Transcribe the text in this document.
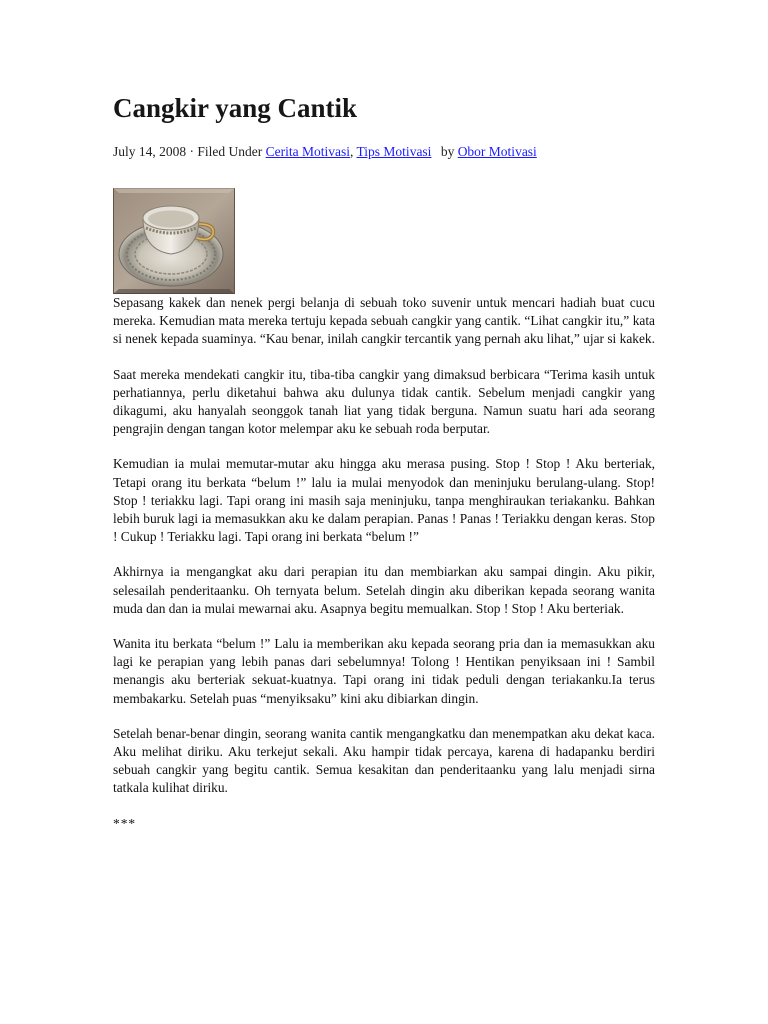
Cangkir yang Cantik
July 14, 2008 · Filed Under Cerita Motivasi, Tips Motivasi by Obor Motivasi

Sepasang kakek dan nenek pergi belanja di sebuah toko suvenir untuk mencari hadiah buat cucu mereka. Kemudian mata mereka tertuju kepada sebuah cangkir yang cantik. “Lihat cangkir itu,” kata si nenek kepada suaminya. “Kau benar, inilah cangkir tercantik yang pernah aku lihat,” ujar si kakek.

Saat mereka mendekati cangkir itu, tiba-tiba cangkir yang dimaksud berbicara “Terima kasih untuk perhatiannya, perlu diketahui bahwa aku dulunya tidak cantik. Sebelum menjadi cangkir yang dikagumi, aku hanyalah seonggok tanah liat yang tidak berguna. Namun suatu hari ada seorang pengrajin dengan tangan kotor melempar aku ke sebuah roda berputar.

Kemudian ia mulai memutar-mutar aku hingga aku merasa pusing. Stop ! Stop ! Aku berteriak, Tetapi orang itu berkata “belum !” lalu ia mulai menyodok dan meninjuku berulang-ulang. Stop! Stop ! teriakku lagi. Tapi orang ini masih saja meninjuku, tanpa menghiraukan teriakanku. Bahkan lebih buruk lagi ia memasukkan aku ke dalam perapian. Panas ! Panas ! Teriakku dengan keras. Stop ! Cukup ! Teriakku lagi. Tapi orang ini berkata “belum !”

Akhirnya ia mengangkat aku dari perapian itu dan membiarkan aku sampai dingin. Aku pikir, selesailah penderitaanku. Oh ternyata belum. Setelah dingin aku diberikan kepada seorang wanita muda dan dan ia mulai mewarnai aku. Asapnya begitu memualkan. Stop ! Stop ! Aku berteriak.

Wanita itu berkata “belum !” Lalu ia memberikan aku kepada seorang pria dan ia memasukkan aku lagi ke perapian yang lebih panas dari sebelumnya! Tolong ! Hentikan penyiksaan ini ! Sambil menangis aku berteriak sekuat-kuatnya. Tapi orang ini tidak peduli dengan teriakanku.Ia terus membakarku. Setelah puas “menyiksaku” kini aku dibiarkan dingin.

Setelah benar-benar dingin, seorang wanita cantik mengangkatku dan menempatkan aku dekat kaca. Aku melihat diriku. Aku terkejut sekali. Aku hampir tidak percaya, karena di hadapanku berdiri sebuah cangkir yang begitu cantik. Semua kesakitan dan penderitaanku yang lalu menjadi sirna tatkala kulihat diriku.

***
